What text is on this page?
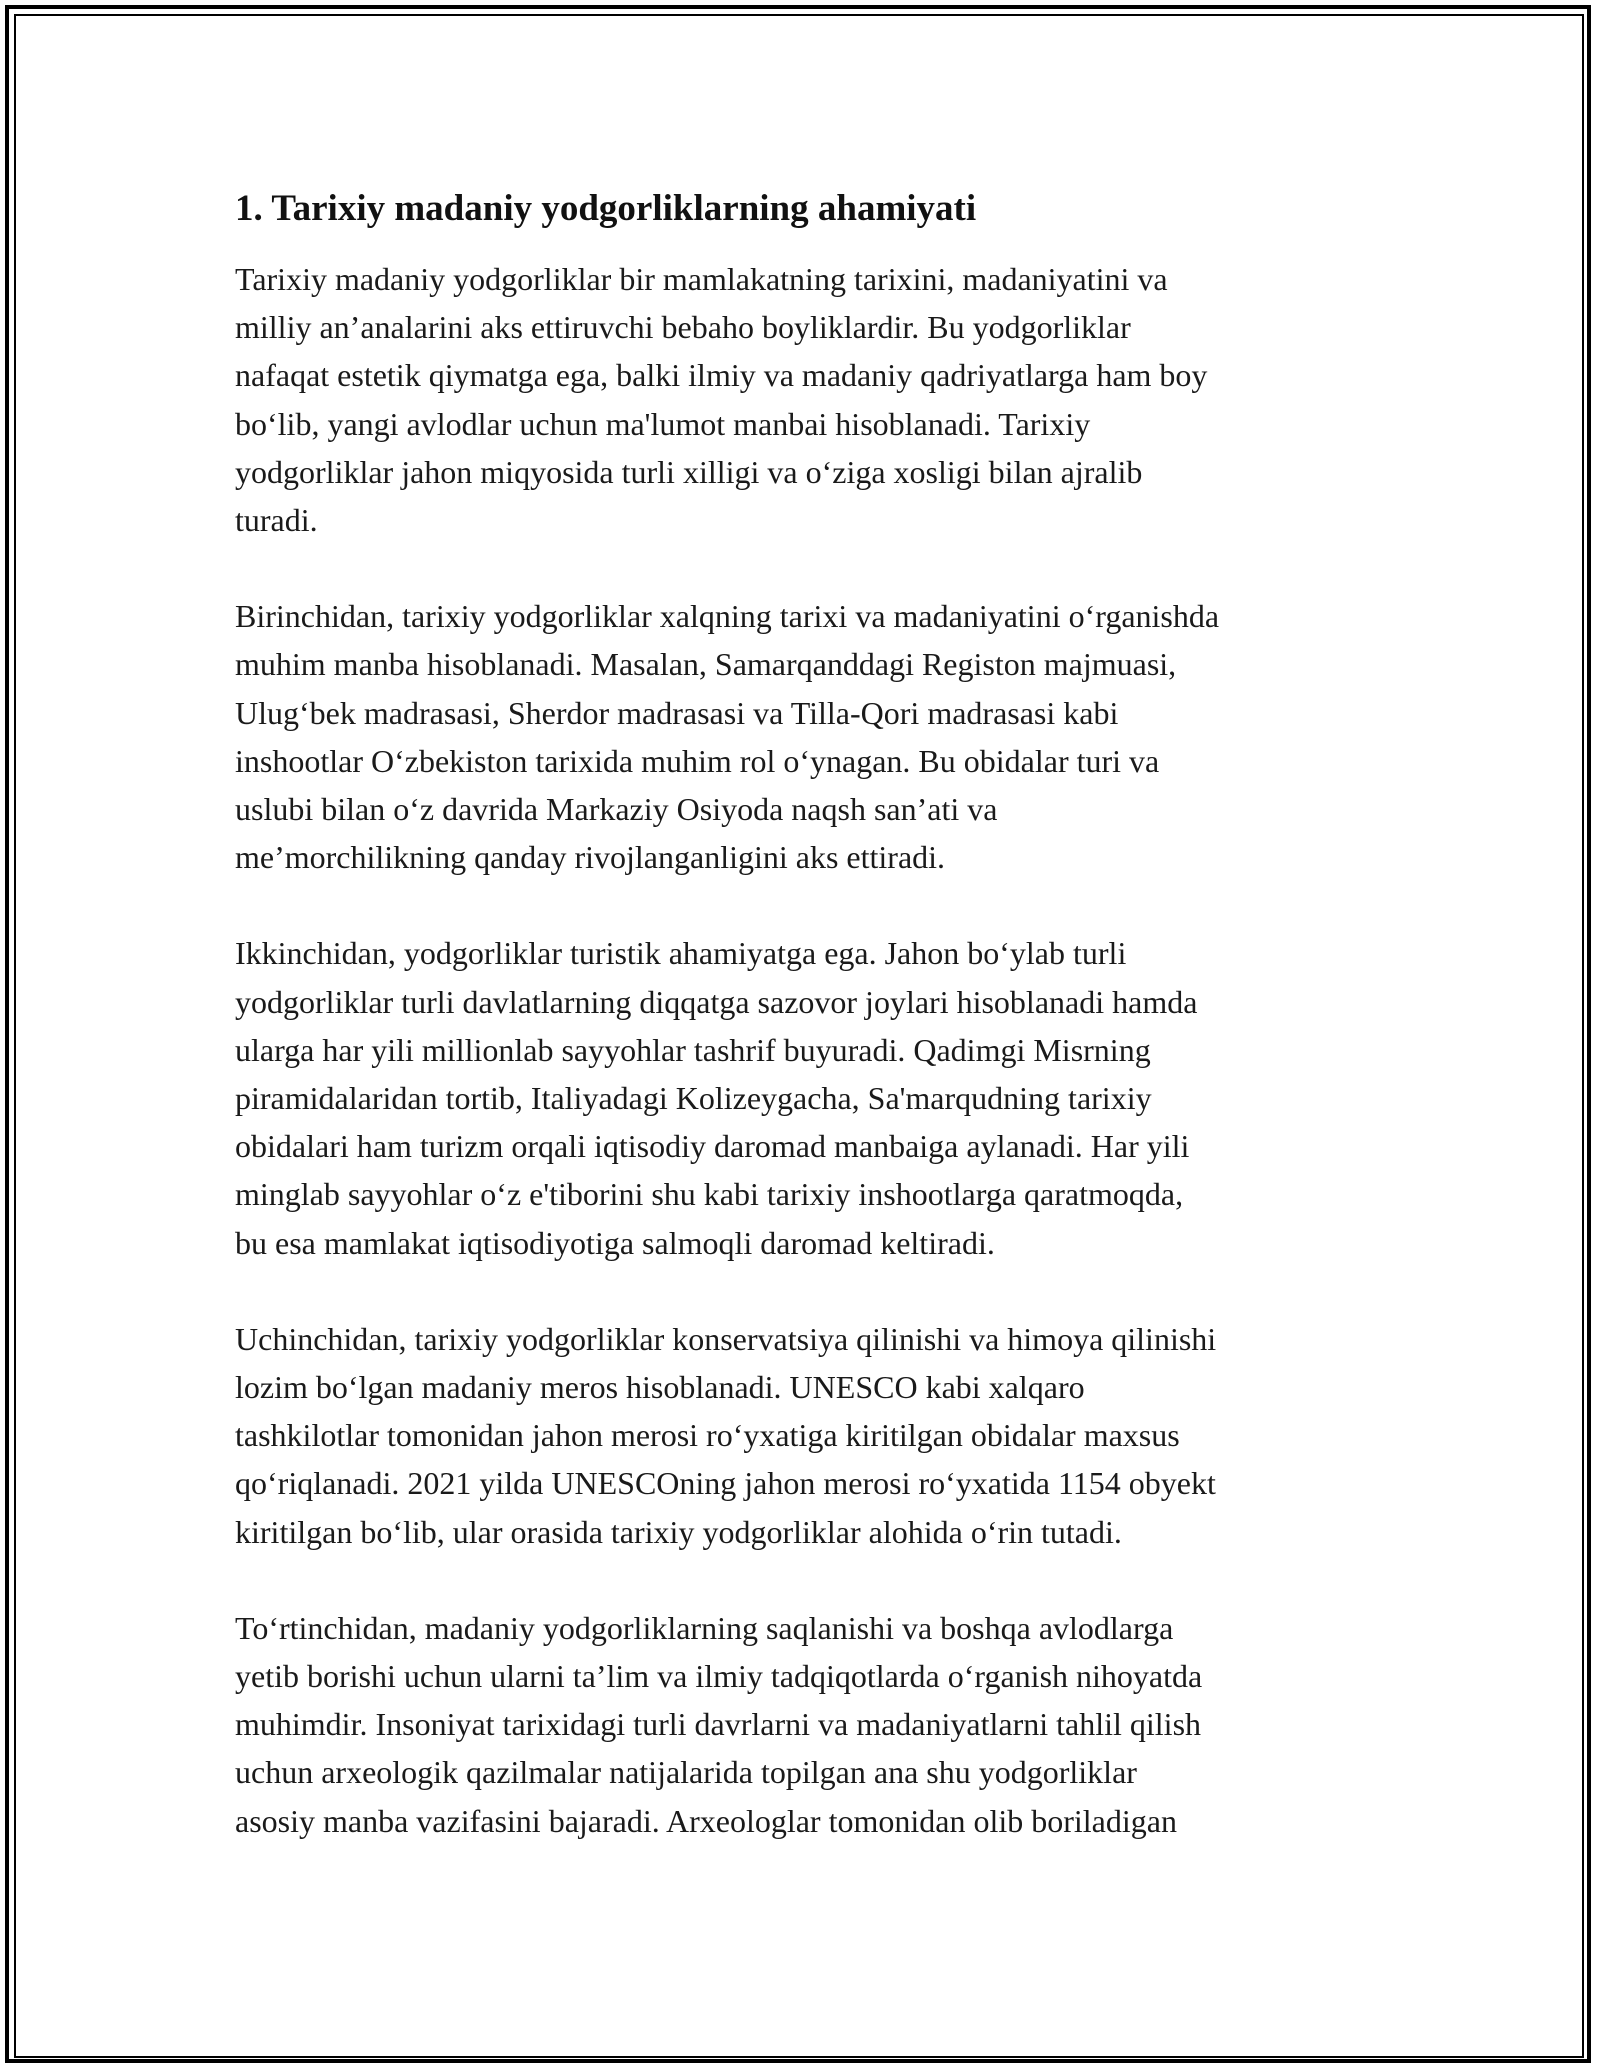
1. Tarixiy madaniy yodgorliklarning ahamiyati

Tarixiy madaniy yodgorliklar bir mamlakatning tarixini, madaniyatini va
milliy an’analarini aks ettiruvchi bebaho boyliklardir. Bu yodgorliklar
nafaqat estetik qiymatga ega, balki ilmiy va madaniy qadriyatlarga ham boy
bo‘lib, yangi avlodlar uchun ma'lumot manbai hisoblanadi. Tarixiy
yodgorliklar jahon miqyosida turli xilligi va o‘ziga xosligi bilan ajralib
turadi.

Birinchidan, tarixiy yodgorliklar xalqning tarixi va madaniyatini o‘rganishda
muhim manba hisoblanadi. Masalan, Samarqanddagi Registon majmuasi,
Ulug‘bek madrasasi, Sherdor madrasasi va Tilla-Qori madrasasi kabi
inshootlar O‘zbekiston tarixida muhim rol o‘ynagan. Bu obidalar turi va
uslubi bilan o‘z davrida Markaziy Osiyoda naqsh san’ati va
me’morchilikning qanday rivojlanganligini aks ettiradi.

Ikkinchidan, yodgorliklar turistik ahamiyatga ega. Jahon bo‘ylab turli
yodgorliklar turli davlatlarning diqqatga sazovor joylari hisoblanadi hamda
ularga har yili millionlab sayyohlar tashrif buyuradi. Qadimgi Misrning
piramidalaridan tortib, Italiyadagi Kolizeygacha, Sa'marqudning tarixiy
obidalari ham turizm orqali iqtisodiy daromad manbaiga aylanadi. Har yili
minglab sayyohlar o‘z e'tiborini shu kabi tarixiy inshootlarga qaratmoqda,
bu esa mamlakat iqtisodiyotiga salmoqli daromad keltiradi.

Uchinchidan, tarixiy yodgorliklar konservatsiya qilinishi va himoya qilinishi
lozim bo‘lgan madaniy meros hisoblanadi. UNESCO kabi xalqaro
tashkilotlar tomonidan jahon merosi ro‘yxatiga kiritilgan obidalar maxsus
qo‘riqlanadi. 2021 yilda UNESCOning jahon merosi ro‘yxatida 1154 obyekt
kiritilgan bo‘lib, ular orasida tarixiy yodgorliklar alohida o‘rin tutadi.

To‘rtinchidan, madaniy yodgorliklarning saqlanishi va boshqa avlodlarga
yetib borishi uchun ularni ta’lim va ilmiy tadqiqotlarda o‘rganish nihoyatda
muhimdir. Insoniyat tarixidagi turli davrlarni va madaniyatlarni tahlil qilish
uchun arxeologik qazilmalar natijalarida topilgan ana shu yodgorliklar
asosiy manba vazifasini bajaradi. Arxeologlar tomonidan olib boriladigan
